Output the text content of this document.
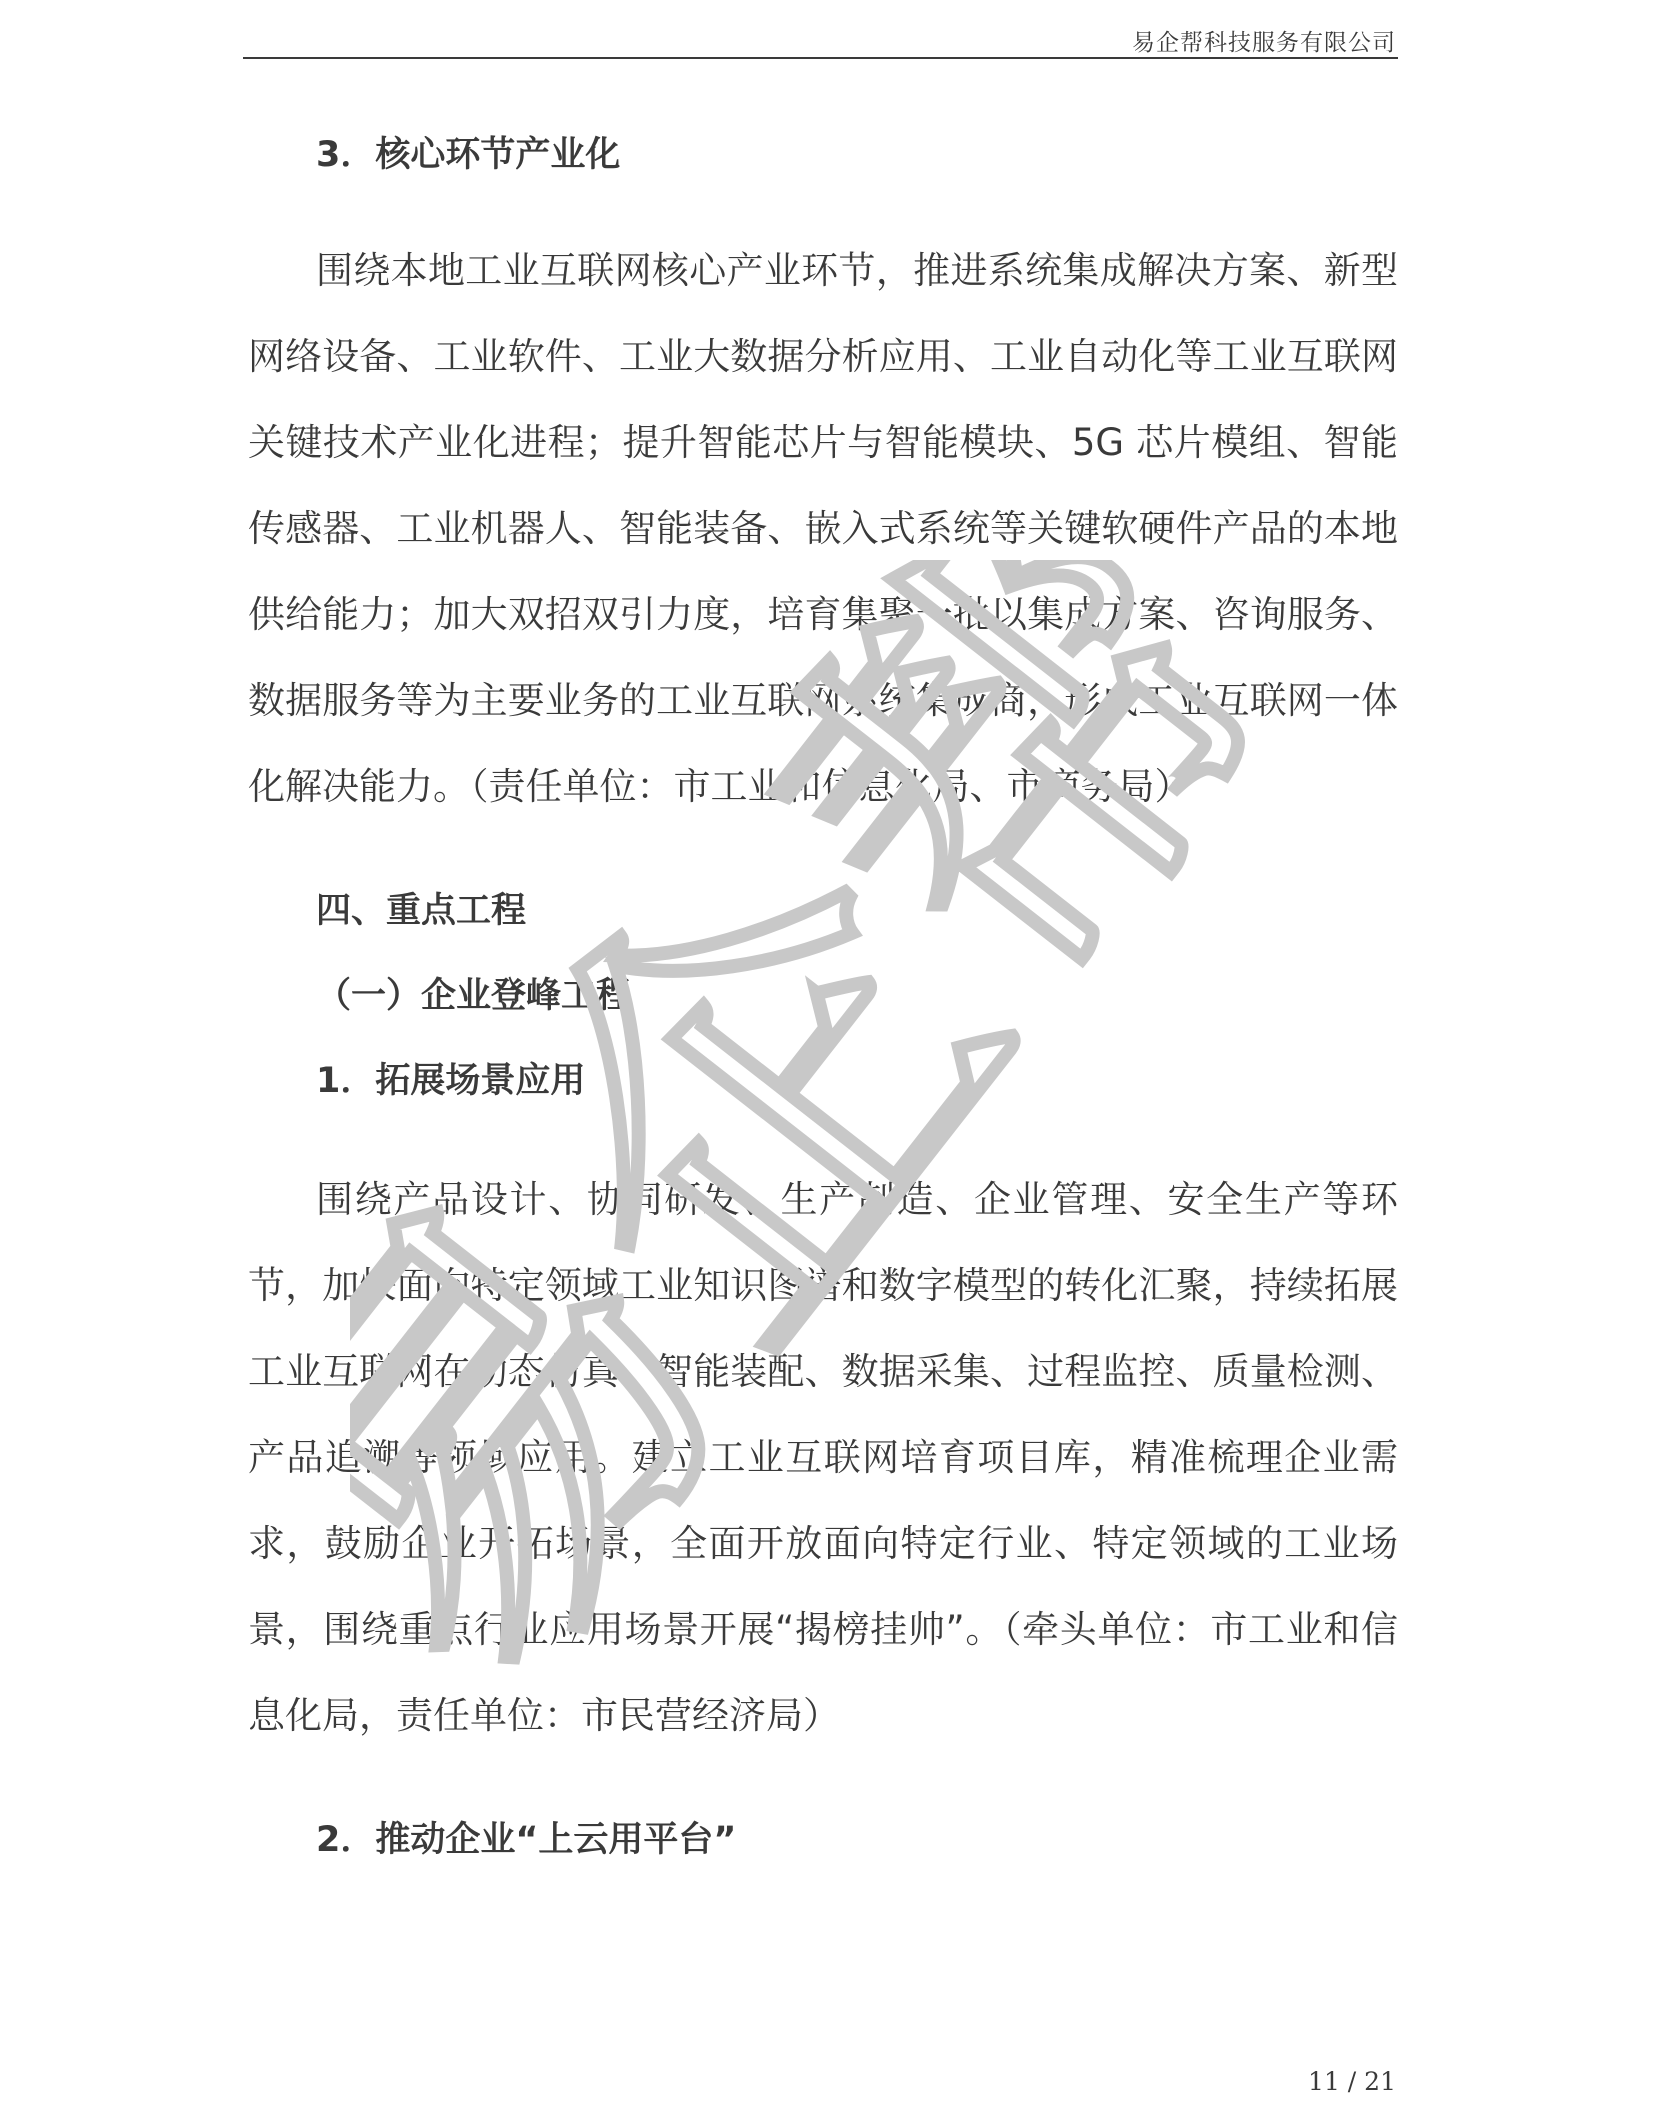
易企帮科技服务有限公司
3．核心环节产业化

围绕本地工业互联网核心产业环节，推进系统集成解决方案、新型网络设备、工业软件、工业大数据分析应用、工业自动化等工业互联网关键技术产业化进程；提升智能芯片与智能模块、5G 芯片模组、智能传感器、工业机器人、智能装备、嵌入式系统等关键软硬件产品的本地供给能力；加大双招双引力度，培育集聚一批以集成方案、咨询服务、数据服务等为主要业务的工业互联网系统集成商，形成工业互联网一体化解决能力。（责任单位：市工业和信息化局、市商务局）

四、重点工程
（一）企业登峰工程
1．拓展场景应用

围绕产品设计、协同研发、生产制造、企业管理、安全生产等环节，加快面向特定领域工业知识图谱和数字模型的转化汇聚，持续拓展工业互联网在动态仿真、智能装配、数据采集、过程监控、质量检测、产品追溯等领域应用。建立工业互联网培育项目库，精准梳理企业需求，鼓励企业开拓场景，全面开放面向特定行业、特定领域的工业场景，围绕重点行业应用场景开展“揭榜挂帅”。（牵头单位：市工业和信息化局，责任单位：市民营经济局）

2．推动企业“上云用平台”
易企帮
11 / 21
